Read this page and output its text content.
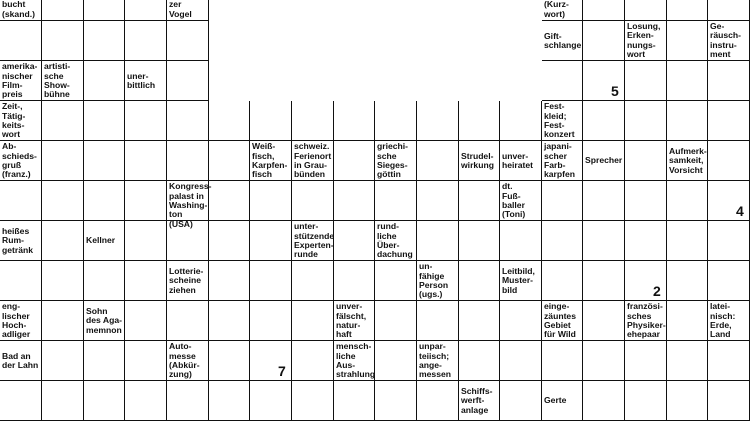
bucht
(skand.)
zer
Vogel
(Kurz-
wort)
Gift-
schlange
Losung,
Erken-
nungs-
wort
Ge-
räusch-
instru-
ment
amerika-
nischer
Film-
preis
artisti-
sche
Show-
bühne
uner-
bittlich
Zeit-,
Tätig-
keits-
wort
Fest-
kleid;
Fest-
konzert
Ab-
schieds-
gruß
(franz.)
Weiß-
fisch,
Karpfen-
fisch
schweiz.
Ferienort
in Grau-
bünden
griechi-
sche
Sieges-
göttin
Strudel-
wirkung
unver-
heiratet
japani-
scher
Farb-
karpfen
Sprecher
Aufmerk-
samkeit,
Vorsicht
Kongress-
palast in
Washing-
ton (USA)
dt.
Fuß-
baller
(Toni)
heißes
Rum-
getränk
Kellner
unter-
stützende
Experten-
runde
rund-
liche
Über-
dachung
Lotterie-
scheine
ziehen
un-
fähige
Person
(ugs.)
Leitbild,
Muster-
bild
eng-
lischer
Hoch-
adliger
Sohn
des Aga-
memnon
unver-
fälscht,
natur-
haft
einge-
zäuntes
Gebiet
für Wild
französi-
sches
Physiker-
ehepaar
latei-
nisch:
Erde,
Land
Bad an
der Lahn
Auto-
messe
(Abkür-
zung)
mensch-
liche
Aus-
strahlung
unpar-
teiisch;
ange-
messen
Schiffs-
werft-
anlage
Gerte
5
4
2
7
